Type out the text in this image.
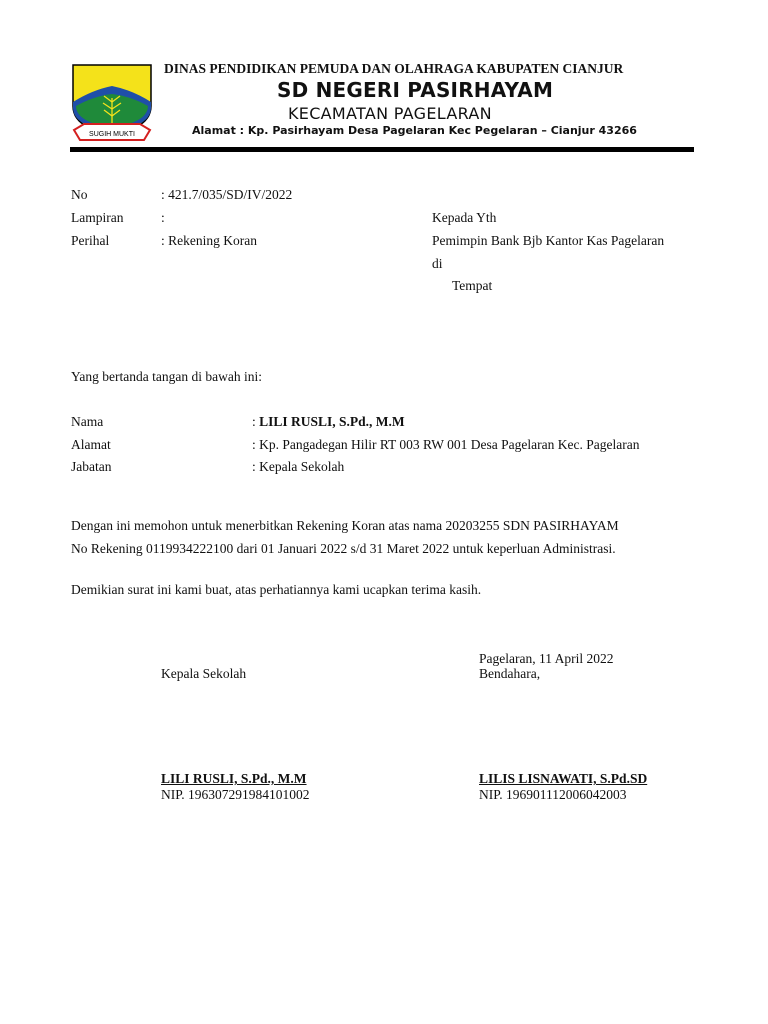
SUGIH MUKTI
DINAS PENDIDIKAN PEMUDA DAN OLAHRAGA KABUPATEN CIANJUR
SD NEGERI PASIRHAYAM
KECAMATAN PAGELARAN
Alamat : Kp. Pasirhayam Desa Pagelaran Kec Pegelaran – Cianjur 43266
No	: 421.7/035/SD/IV/2022
Lampiran	:
Perihal	: Rekening Koran
Kepada Yth
Pemimpin Bank Bjb Kantor Kas Pagelaran
di
Tempat
Yang bertanda tangan di bawah ini:
Nama	: LILI RUSLI, S.Pd., M.M
Alamat	: Kp. Pangadegan Hilir RT 003 RW 001 Desa Pagelaran Kec. Pagelaran
Jabatan	: Kepala Sekolah
Dengan ini memohon untuk menerbitkan Rekening Koran atas nama 20203255 SDN PASIRHAYAM
No Rekening 0119934222100 dari 01 Januari 2022 s/d 31 Maret 2022 untuk keperluan Administrasi.
Demikian surat ini kami buat, atas perhatiannya kami ucapkan terima kasih.
Pagelaran, 11 April 2022
Kepala Sekolah	Bendahara,
LILI RUSLI, S.Pd., M.M
NIP. 196307291984101002
LILIS LISNAWATI, S.Pd.SD
NIP. 196901112006042003
